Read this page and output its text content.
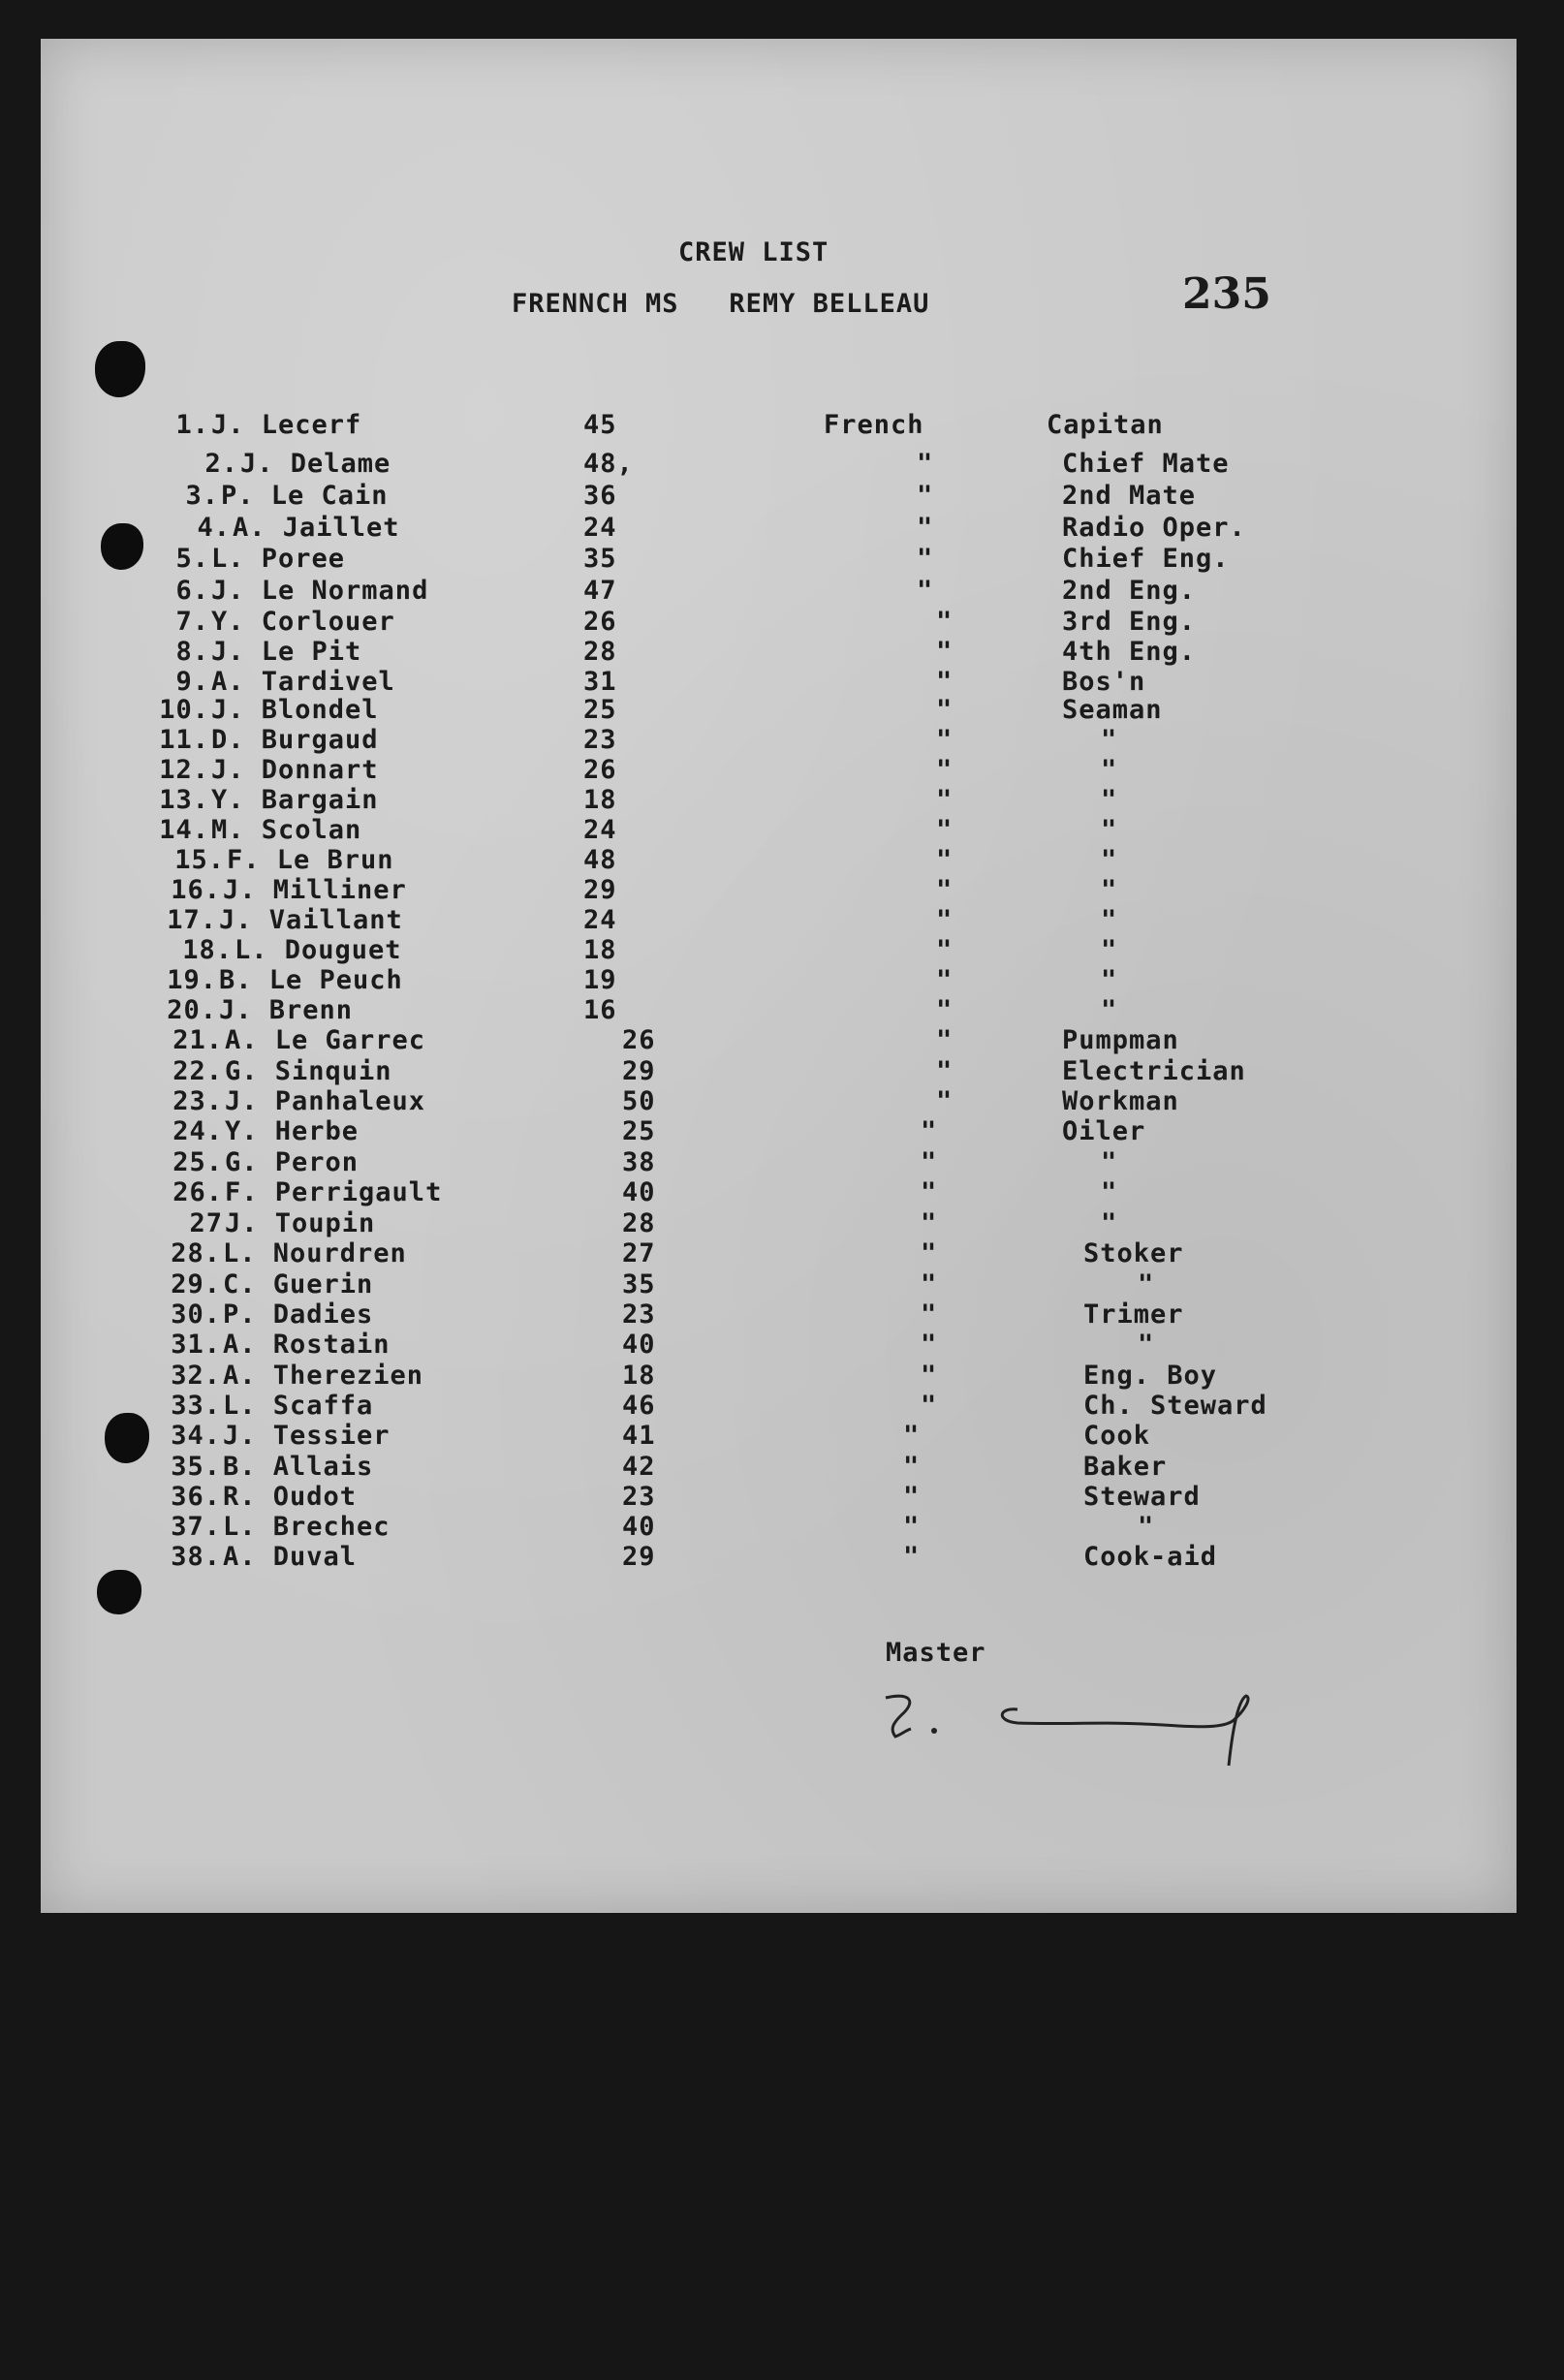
CREW LIST
FRENNCH MS   REMY BELLEAU	235
1. J. Lecerf	45	French	Capitan
2. J. Delame	48,	"	Chief Mate
3. P. Le Cain	36	"	2nd Mate
4. A. Jaillet	24	"	Radio Oper.
5. L. Poree	35	"	Chief Eng.
6. J. Le Normand	47	"	2nd Eng.
7. Y. Corlouer	26	"	3rd Eng.
8. J. Le Pit	28	"	4th Eng.
9. A. Tardivel	31	"	Bos'n
10. J. Blondel	25	"	Seaman
11. D. Burgaud	23	"	"
12. J. Donnart	26	"	"
13. Y. Bargain	18	"	"
14. M. Scolan	24	"	"
15. F. Le Brun	48	"	"
16. J. Milliner	29	"	"
17. J. Vaillant	24	"	"
18. L. Douguet	18	"	"
19. B. Le Peuch	19	"	"
20. J. Brenn	16	"	"
21. A. Le Garrec	26	"	Pumpman
22. G. Sinquin	29	"	Electrician
23. J. Panhaleux	50	"	Workman
24. Y. Herbe	25	"	Oiler
25. G. Peron	38	"	"
26. F. Perrigault	40	"	"
27 J. Toupin	28	"	"
28. L. Nourdren	27	"	Stoker
29. C. Guerin	35	"	"
30. P. Dadies	23	"	Trimer
31. A. Rostain	40	"	"
32. A. Therezien	18	"	Eng. Boy
33. L. Scaffa	46	"	Ch. Steward
34. J. Tessier	41	"	Cook
35. B. Allais	42	"	Baker
36. R. Oudot	23	"	Steward
37. L. Brechec	40	"	"
38. A. Duval	29	"	Cook-aid
Master
